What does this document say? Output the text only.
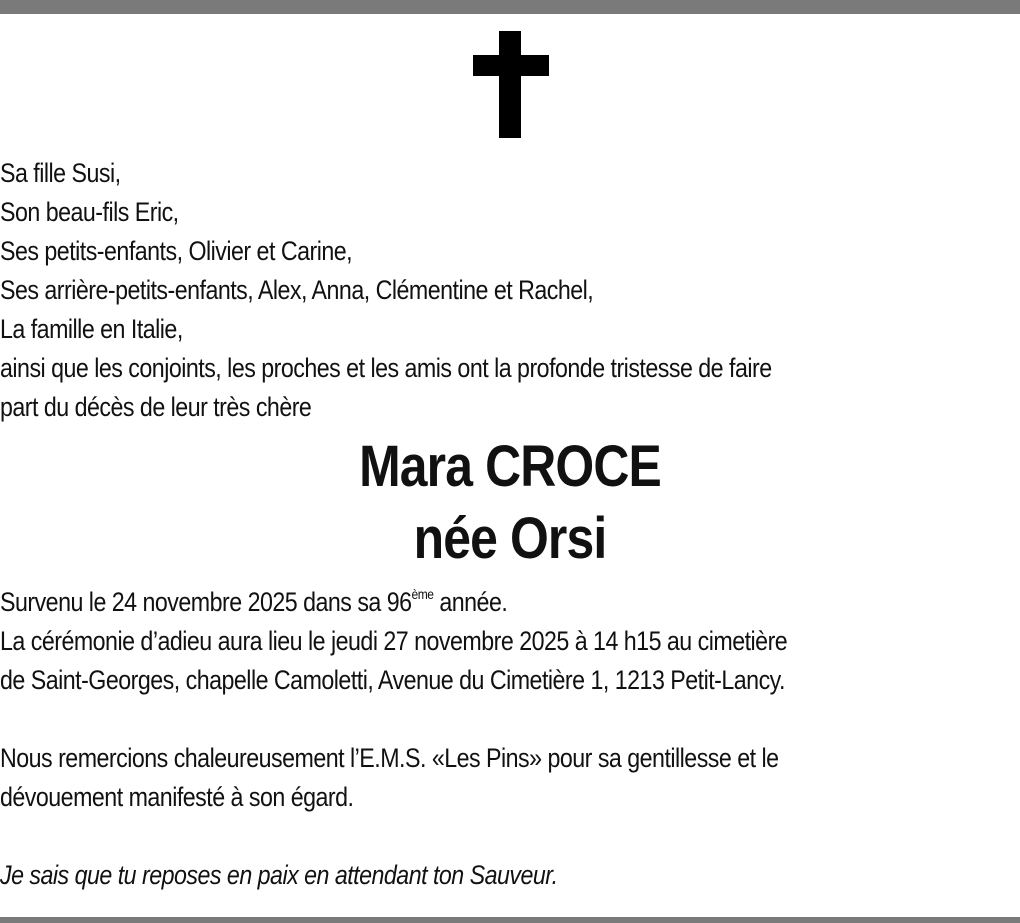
Sa fille Susi,
Son beau-fils Eric,
Ses petits-enfants, Olivier et Carine,
Ses arrière-petits-enfants, Alex, Anna, Clémentine et Rachel,
La famille en Italie,
ainsi que les conjoints, les proches et les amis ont la profonde tristesse de faire
part du décès de leur très chère
Mara CROCE
née Orsi
Survenu le 24 novembre 2025 dans sa 96ème année.
La cérémonie d’adieu aura lieu le jeudi 27 novembre 2025 à 14 h15 au cimetière
de Saint-Georges, chapelle Camoletti, Avenue du Cimetière 1, 1213 Petit-Lancy.
Nous remercions chaleureusement l’E.M.S. «Les Pins» pour sa gentillesse et le
dévouement manifesté à son égard.
Je sais que tu reposes en paix en attendant ton Sauveur.
